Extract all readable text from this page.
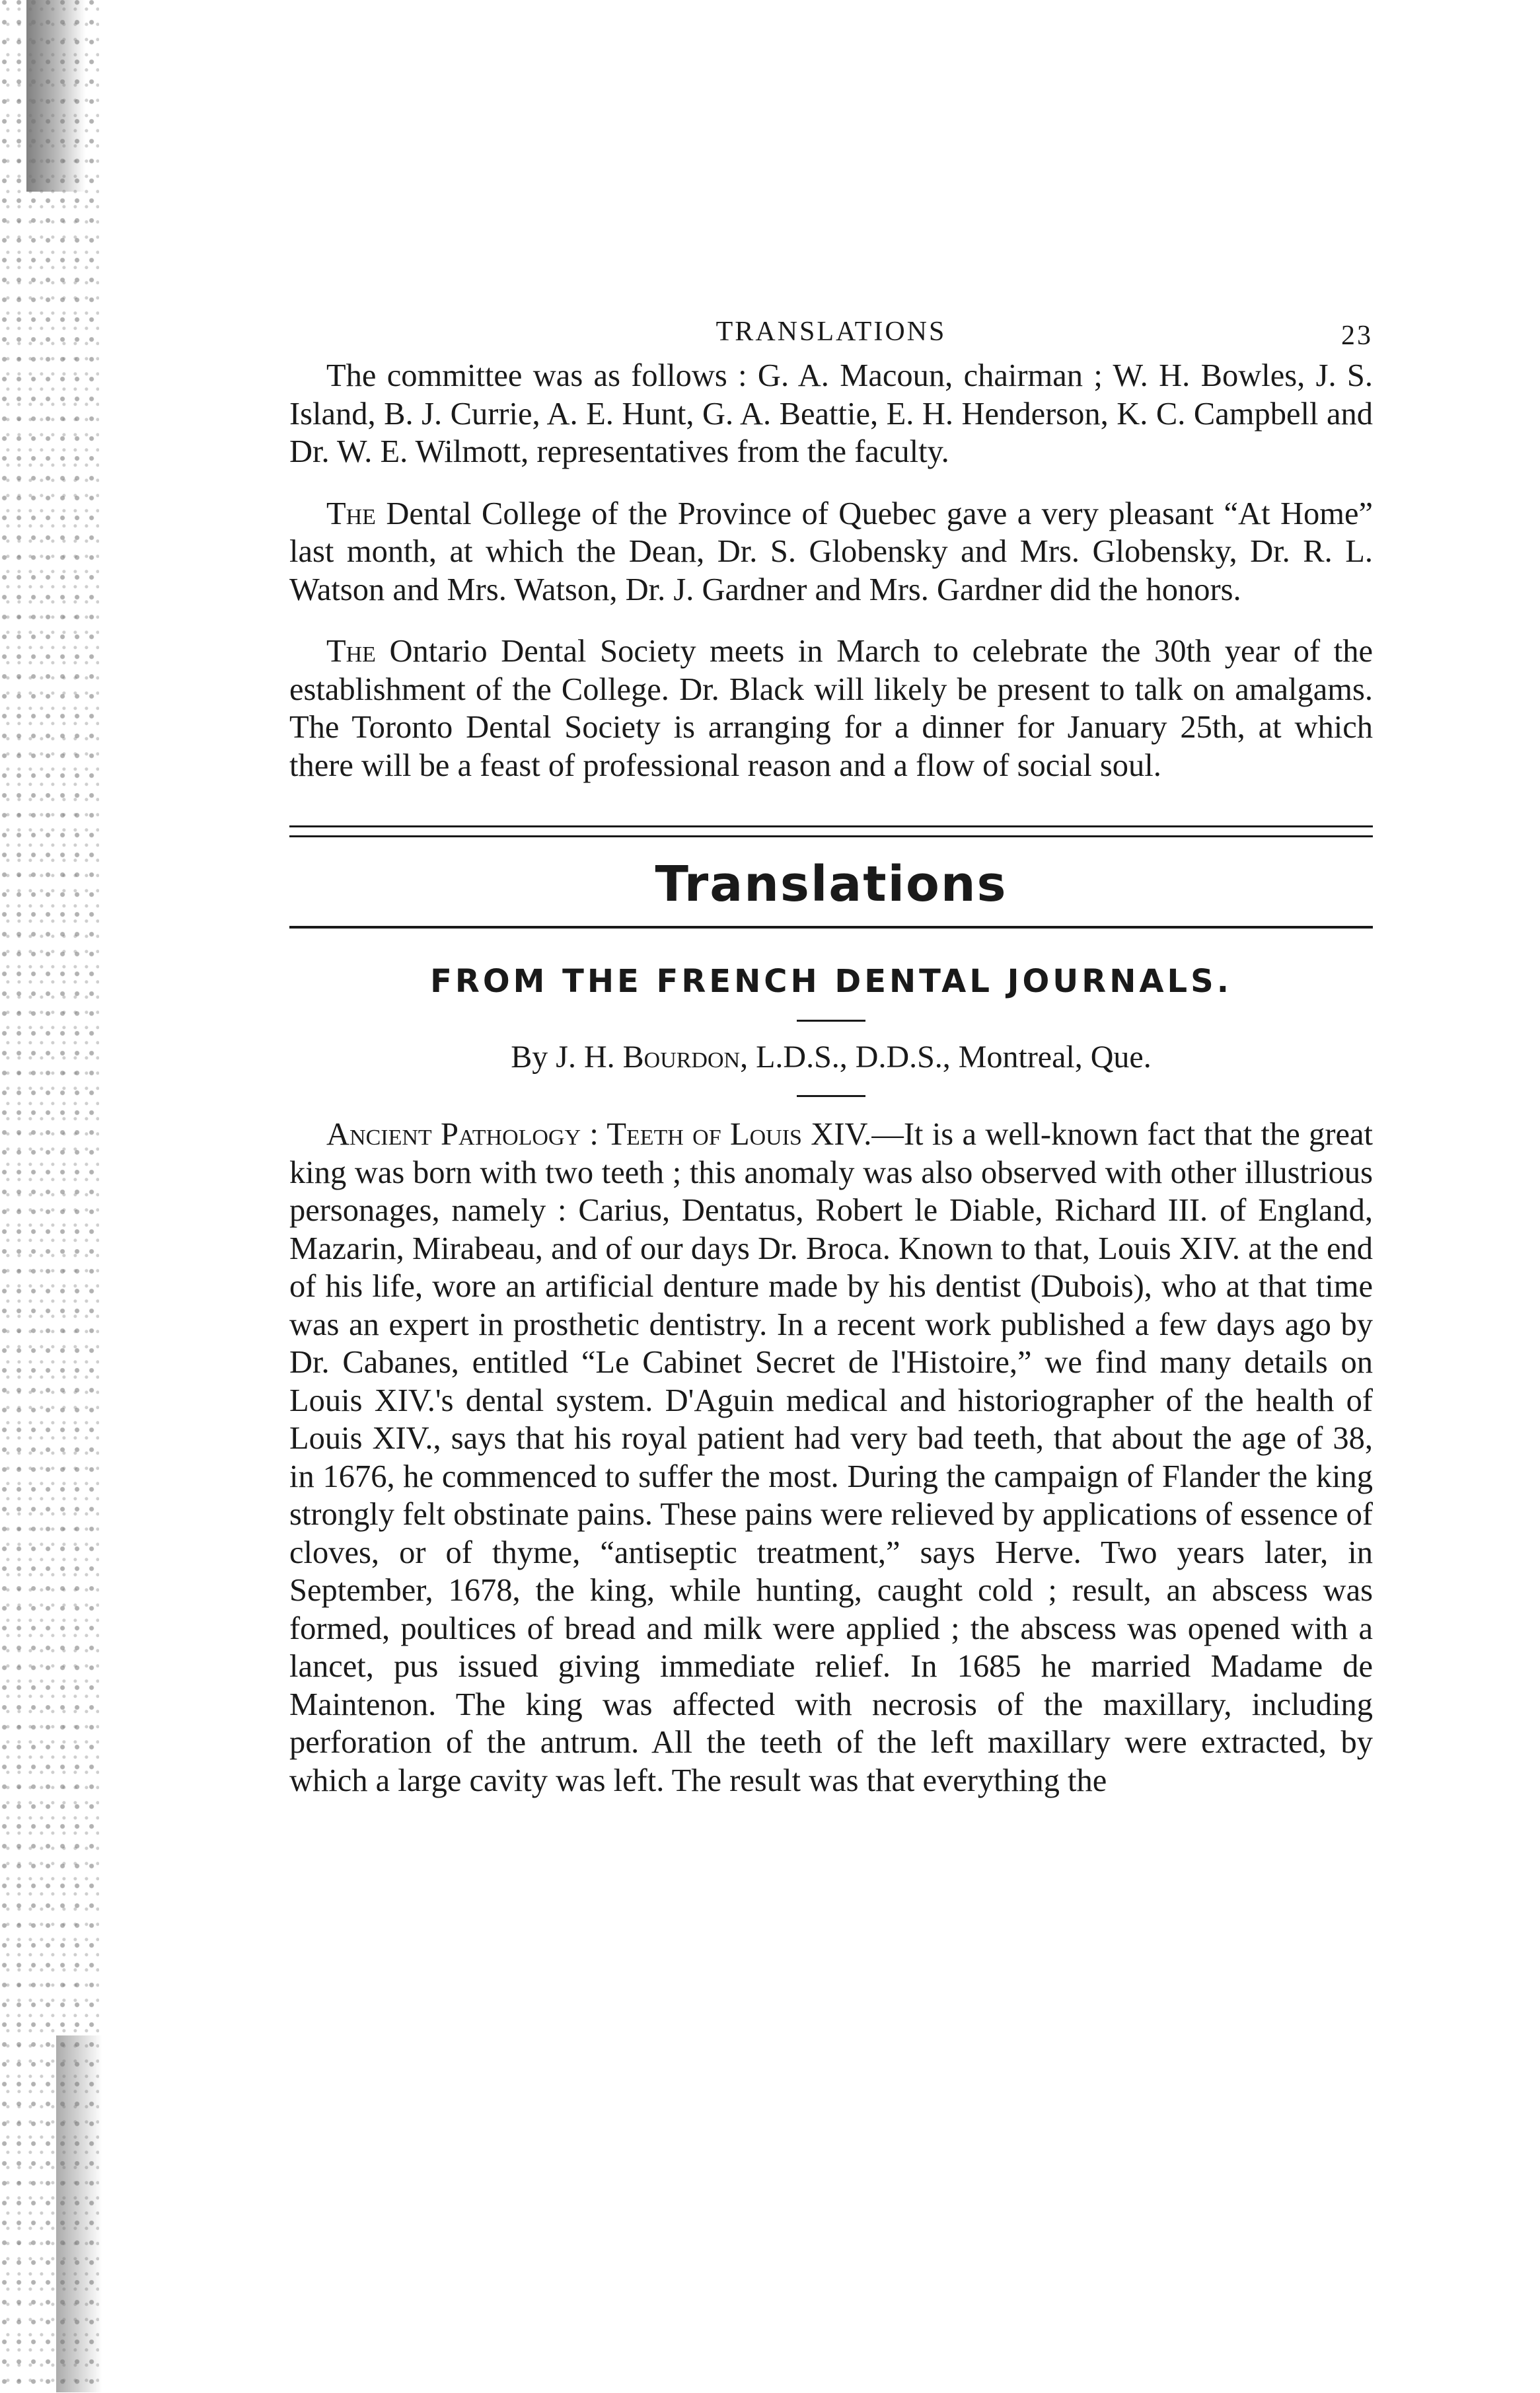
TRANSLATIONS	23

The committee was as follows : G. A. Macoun, chairman ; W. H. Bowles, J. S. Island, B. J. Currie, A. E. Hunt, G. A. Beattie, E. H. Henderson, K. C. Campbell and Dr. W. E. Wilmott, representatives from the faculty.

The Dental College of the Province of Quebec gave a very pleasant “At Home” last month, at which the Dean, Dr. S. Globensky and Mrs. Globensky, Dr. R. L. Watson and Mrs. Watson, Dr. J. Gardner and Mrs. Gardner did the honors.

The Ontario Dental Society meets in March to celebrate the 30th year of the establishment of the College. Dr. Black will likely be present to talk on amalgams. The Toronto Dental Society is arranging for a dinner for January 25th, at which there will be a feast of professional reason and a flow of social soul.

Translations
FROM THE FRENCH DENTAL JOURNALS.
By J. H. Bourdon, L.D.S., D.D.S., Montreal, Que.

Ancient Pathology : Teeth of Louis XIV.—It is a well-known fact that the great king was born with two teeth ; this anomaly was also observed with other illustrious personages, namely : Carius, Dentatus, Robert le Diable, Richard III. of England, Mazarin, Mirabeau, and of our days Dr. Broca. Known to that, Louis XIV. at the end of his life, wore an artificial denture made by his dentist (Dubois), who at that time was an expert in prosthetic dentistry. In a recent work published a few days ago by Dr. Cabanes, entitled “Le Cabinet Secret de l'Histoire,” we find many details on Louis XIV.'s dental system. D'Aguin medical and historiographer of the health of Louis XIV., says that his royal patient had very bad teeth, that about the age of 38, in 1676, he commenced to suffer the most. During the campaign of Flander the king strongly felt obstinate pains. These pains were relieved by applications of essence of cloves, or of thyme, “antiseptic treatment,” says Herve. Two years later, in September, 1678, the king, while hunting, caught cold ; result, an abscess was formed, poultices of bread and milk were applied ; the abscess was opened with a lancet, pus issued giving immediate relief. In 1685 he married Madame de Maintenon. The king was affected with necrosis of the maxillary, including perforation of the antrum. All the teeth of the left maxillary were extracted, by which a large cavity was left. The result was that everything the
